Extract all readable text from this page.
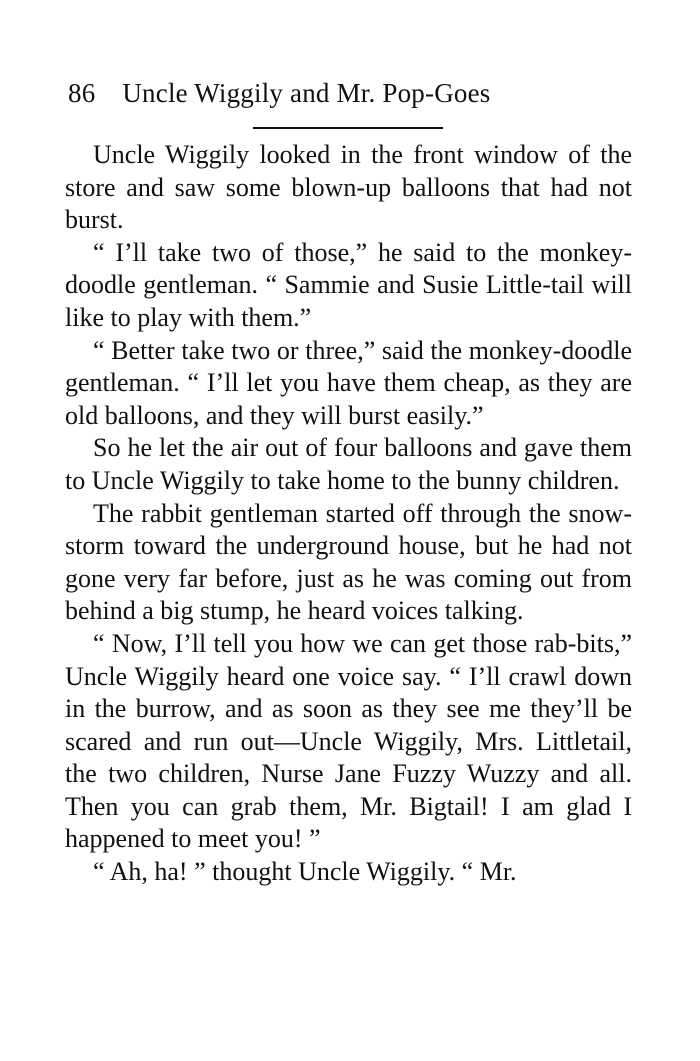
86 Uncle Wiggily and Mr. Pop-Goes

Uncle Wiggily looked in the front window of the store and saw some blown-up balloons that had not burst.

“ I’ll take two of those,” he said to the monkey-doodle gentleman. “ Sammie and Susie Little-tail will like to play with them.”

“ Better take two or three,” said the monkey-doodle gentleman. “ I’ll let you have them cheap, as they are old balloons, and they will burst easily.”

So he let the air out of four balloons and gave them to Uncle Wiggily to take home to the bunny children.

The rabbit gentleman started off through the snow-storm toward the underground house, but he had not gone very far before, just as he was coming out from behind a big stump, he heard voices talking.

“ Now, I’ll tell you how we can get those rab-bits,” Uncle Wiggily heard one voice say. “ I’ll crawl down in the burrow, and as soon as they see me they’ll be scared and run out—Uncle Wiggily, Mrs. Littletail, the two children, Nurse Jane Fuzzy Wuzzy and all. Then you can grab them, Mr. Bigtail! I am glad I happened to meet you! ”

“ Ah, ha! ” thought Uncle Wiggily. “ Mr.
